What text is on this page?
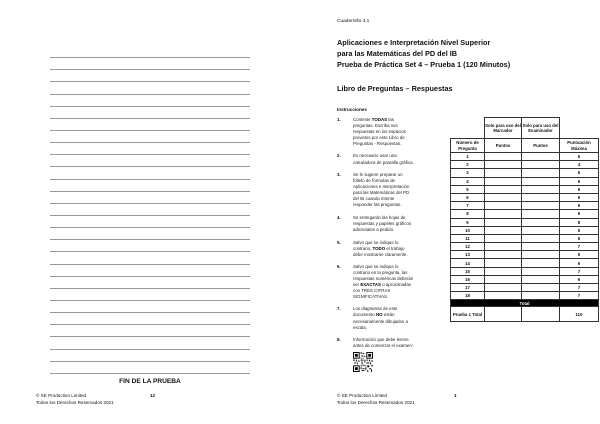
FIN DE LA PRUEBA
© SE Production Limited
Todos los Derechos Reservados 2021
12
Cuadernillo 4.1
Aplicaciones e Interpretación Nivel Superior
para las Matemáticas del PD del IB
Prueba de Práctica Set 4 – Prueba 1 (120 Minutos)
Libro de Preguntas – Respuestas
Instrucciones
1.	Conteste TODAS las preguntas. Escriba sus respuestas en los espacios provistos por este Libro de Preguntas - Respuestas.
2.	Es necesario usar una calculadora de pantalla gráfica.
3.	Se le sugiere preparar un folleto de fórmulas de Aplicaciones e Interpretación para las Matemáticas del PD del IB cuando intente responder las preguntas.
4.	Se entregarán las hojas de respuestas y papeles gráficos adicionales a pedido.
5.	Salvo que se indique lo contrario, TODO el trabajo debe mostrarse claramente.
6.	Salvo que se indique lo contrario en la pregunta, las respuestas numéricas deberán ser EXACTAS o aproximadas con TRES CIFRAS SIGNIFICATIVAS.
7.	Los diagramas de este documento NO están necesariamente dibujados a escala.
8.	Información que debe leerse antes de comenzar el examen:
	Solo para uso del Marcador	Solo para uso del Examinador	
Número de Pregunta	Puntos	Puntos	Puntuación Máxima
1			6
2			4
3			6
4			6
5			6
6			5
7			6
8			6
9			8
10			5
11			6
12			7
13			5
14			6
15			7
16			6
17			7
18			7
Total			
Prueba 1 Total			110
© SE Production Limited
Todos los Derechos Reservados 2021
1
